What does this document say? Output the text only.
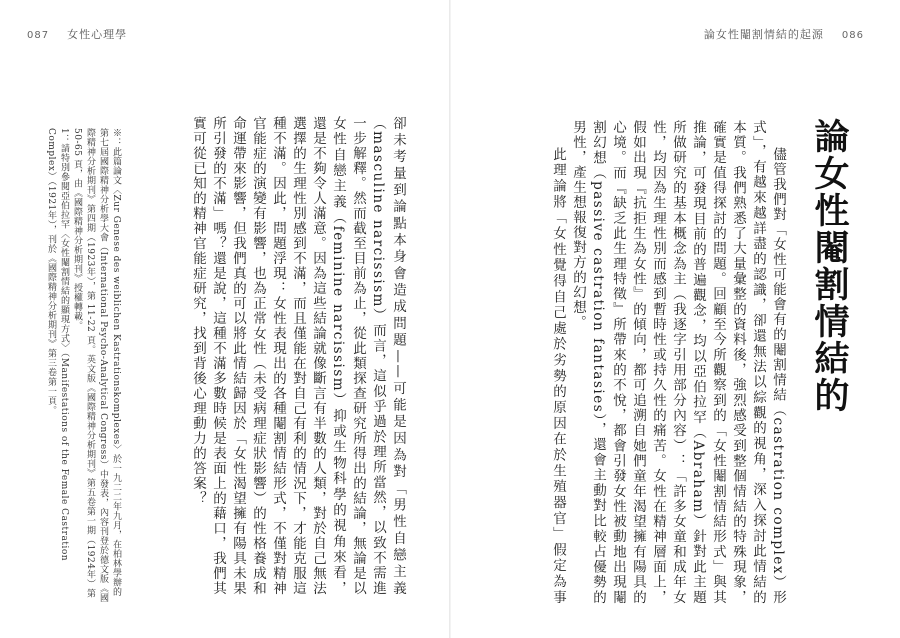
087 女性心理學	論女性閹割情結的起源 086
論女性閹割情結的

儘管我們對「女性可能會有的閹割情結（castration complex）形式」，有越來越詳盡的認識，卻還無法以綜觀的視角，深入探討此情結的本質。我們熟悉了大量彙整的資料後，強烈感受到整個情結的特殊現象，確實是值得探討的問題。回顧至今所觀察到的「女性閹割情結形式」與其推論，可發現目前的普遍觀念，均以亞伯拉罕（Abraham）針對此主題所做研究的基本概念為主（我逐字引用部分內容）：「許多女童和成年女性，均因為生理性別而感到暫時性或持久性的痛苦。女性在精神層面上，假如出現『抗拒生為女性』的傾向，都可追溯自她們童年渴望擁有陽具的心境。而『缺乏此生理特徵』所帶來的不悅，都會引發女性被動地出現閹割幻想（passive castration fantasies），還會主動對比較占優勢的男性，產生想報復對方的幻想。

此理論將「女性覺得自己處於劣勢的原因在於生殖器官」假定為事

卻未考量到論點本身會造成問題——可能是因為對「男性自戀主義（masculine narcissism）而言，這似乎過於理所當然，以致不需進一步解釋。然而截至目前為止，從此類探查研究所得出的結論，無論是以女性自戀主義（feminine narcissism）抑或生物科學的視角來看，還是不夠令人滿意。因為這些結論就像斷言有半數的人類，對於自己無法選擇的生理性別感到不滿，而且僅能在對自己有利的情況下，才能克服這種不滿。因此，問題浮現：女性表現出的各種閹割情結形式，不僅對精神官能症的演變有影響，也為正常女性（未受病理症狀影響）的性格養成和命運帶來影響，但我們真的可以將此情結歸因於「女性渴望擁有陽具未果所引發的不滿」嗎？還是說，這種不滿多數時候是表面上的藉口，我們其實可從已知的精神官能症研究，找到背後心理動力的答案？

※：此篇論文〈Zur Genese des weiblichen Kastrationskomplexes〉於一九二二年九月，在柏林學辦的第七屆國際精神分析學大會（International Psycho-Analytical Congress）中發表，內容刊登於德文版《國際精神分析期刊》第四期（1923年），第 11-22 頁。英文版《國際精神分析期刊》第五卷第一期（1924年）第 50-65 頁，由《國際精神分析期刊》授權轉載。

1：請特別參閱亞伯拉罕〈女性閹割情結的顯現方式〉（Manifestations of the Female Castration Complex）（1921年），刊於《國際精神分析期刊》第三卷第一頁。
